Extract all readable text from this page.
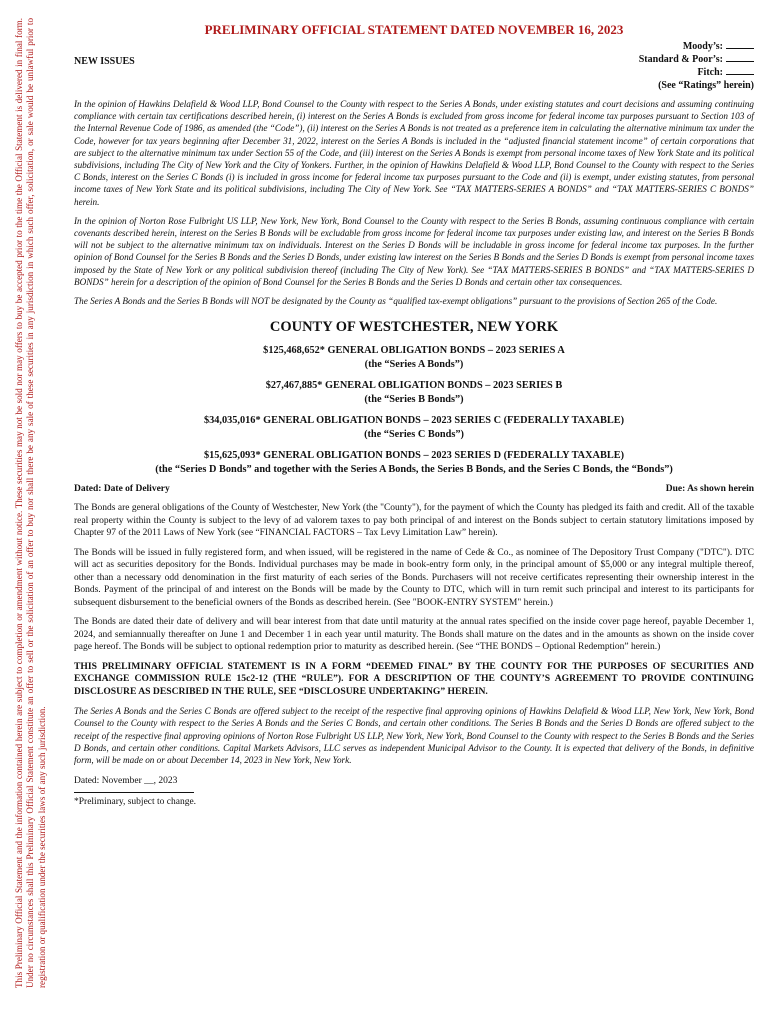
This Preliminary Official Statement and the information contained herein are subject to completion or amendment without notice. These securities may not be sold nor may offers to buy be accepted prior to the time the Official Statement is delivered in final form. Under no circumstances shall this Preliminary Official Statement constitute an offer to sell or the solicitation of an offer to buy nor shall there be any sale of these securities in any jurisdiction in which such offer, solicitation, or sale would be unlawful prior to registration or qualification under the securities laws of any such jurisdiction.
PRELIMINARY OFFICIAL STATEMENT DATED NOVEMBER 16, 2023
NEW ISSUES
Moody’s:
Standard & Poor’s:
Fitch:
(See “Ratings” herein)

In the opinion of Hawkins Delafield & Wood LLP, Bond Counsel to the County with respect to the Series A Bonds, under existing statutes and court decisions and assuming continuing compliance with certain tax certifications described herein, (i) interest on the Series A Bonds is excluded from gross income for federal income tax purposes pursuant to Section 103 of the Internal Revenue Code of 1986, as amended (the “Code”), (ii) interest on the Series A Bonds is not treated as a preference item in calculating the alternative minimum tax under the Code, however for tax years beginning after December 31, 2022, interest on the Series A Bonds is included in the “adjusted financial statement income” of certain corporations that are subject to the alternative minimum tax under Section 55 of the Code, and (iii) interest on the Series A Bonds is exempt from personal income taxes of New York State and its political subdivisions, including The City of New York and the City of Yonkers. Further, in the opinion of Hawkins Delafield & Wood LLP, Bond Counsel to the County with respect to the Series C Bonds, interest on the Series C Bonds (i) is included in gross income for federal income tax purposes pursuant to the Code and (ii) is exempt, under existing statutes, from personal income taxes of New York State and its political subdivisions, including The City of New York. See “TAX MATTERS-SERIES A BONDS” and “TAX MATTERS-SERIES C BONDS” herein.

In the opinion of Norton Rose Fulbright US LLP, New York, New York, Bond Counsel to the County with respect to the Series B Bonds, assuming continuous compliance with certain covenants described herein, interest on the Series B Bonds will be excludable from gross income for federal income tax purposes under existing law, and interest on the Series B Bonds will not be subject to the alternative minimum tax on individuals. Interest on the Series D Bonds will be includable in gross income for federal income tax purposes. In the further opinion of Bond Counsel for the Series B Bonds and the Series D Bonds, under existing law interest on the Series B Bonds and the Series D Bonds is exempt from personal income taxes imposed by the State of New York or any political subdivision thereof (including The City of New York). See “TAX MATTERS-SERIES B BONDS” and “TAX MATTERS-SERIES D BONDS” herein for a description of the opinion of Bond Counsel for the Series B Bonds and the Series D Bonds and certain other tax consequences.

The Series A Bonds and the Series B Bonds will NOT be designated by the County as “qualified tax-exempt obligations” pursuant to the provisions of Section 265 of the Code.

COUNTY OF WESTCHESTER, NEW YORK
$125,468,652* GENERAL OBLIGATION BONDS – 2023 SERIES A
(the “Series A Bonds”)
$27,467,885* GENERAL OBLIGATION BONDS – 2023 SERIES B
(the “Series B Bonds”)
$34,035,016* GENERAL OBLIGATION BONDS – 2023 SERIES C (FEDERALLY TAXABLE)
(the “Series C Bonds”)
$15,625,093* GENERAL OBLIGATION BONDS – 2023 SERIES D (FEDERALLY TAXABLE)
(the “Series D Bonds” and together with the Series A Bonds, the Series B Bonds, and the Series C Bonds, the “Bonds”)
Dated: Date of Delivery	Due: As shown herein

The Bonds are general obligations of the County of Westchester, New York (the "County"), for the payment of which the County has pledged its faith and credit. All of the taxable real property within the County is subject to the levy of ad valorem taxes to pay both principal of and interest on the Bonds subject to certain statutory limitations imposed by Chapter 97 of the 2011 Laws of New York (see “FINANCIAL FACTORS – Tax Levy Limitation Law” herein).

The Bonds will be issued in fully registered form, and when issued, will be registered in the name of Cede & Co., as nominee of The Depository Trust Company ("DTC"). DTC will act as securities depository for the Bonds. Individual purchases may be made in book-entry form only, in the principal amount of $5,000 or any integral multiple thereof, other than a necessary odd denomination in the first maturity of each series of the Bonds. Purchasers will not receive certificates representing their ownership interest in the Bonds. Payment of the principal of and interest on the Bonds will be made by the County to DTC, which will in turn remit such principal and interest to its participants for subsequent disbursement to the beneficial owners of the Bonds as described herein. (See "BOOK-ENTRY SYSTEM" herein.)

The Bonds are dated their date of delivery and will bear interest from that date until maturity at the annual rates specified on the inside cover page hereof, payable December 1, 2024, and semiannually thereafter on June 1 and December 1 in each year until maturity. The Bonds shall mature on the dates and in the amounts as shown on the inside cover page hereof. The Bonds will be subject to optional redemption prior to maturity as described herein. (See “THE BONDS – Optional Redemption” herein.)

THIS PRELIMINARY OFFICIAL STATEMENT IS IN A FORM “DEEMED FINAL” BY THE COUNTY FOR THE PURPOSES OF SECURITIES AND EXCHANGE COMMISSION RULE 15c2-12 (THE “RULE”). FOR A DESCRIPTION OF THE COUNTY’S AGREEMENT TO PROVIDE CONTINUING DISCLOSURE AS DESCRIBED IN THE RULE, SEE “DISCLOSURE UNDERTAKING” HEREIN.

The Series A Bonds and the Series C Bonds are offered subject to the receipt of the respective final approving opinions of Hawkins Delafield & Wood LLP, New York, New York, Bond Counsel to the County with respect to the Series A Bonds and the Series C Bonds, and certain other conditions. The Series B Bonds and the Series D Bonds are offered subject to the receipt of the respective final approving opinions of Norton Rose Fulbright US LLP, New York, New York, Bond Counsel to the County with respect to the Series B Bonds and the Series D Bonds, and certain other conditions. Capital Markets Advisors, LLC serves as independent Municipal Advisor to the County. It is expected that delivery of the Bonds, in definitive form, will be made on or about December 14, 2023 in New York, New York.

Dated: November __, 2023
*Preliminary, subject to change.
